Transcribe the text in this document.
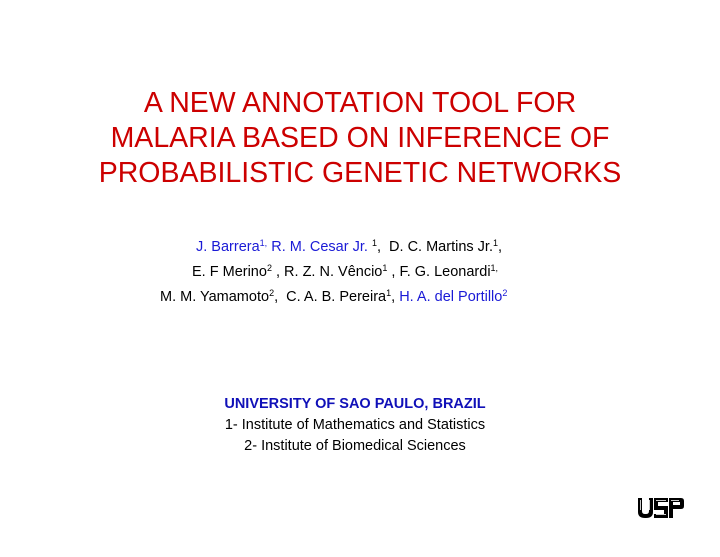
A NEW ANNOTATION TOOL FOR
MALARIA BASED ON INFERENCE OF
PROBABILISTIC GENETIC NETWORKS
J. Barrera$^{1,}$ R. M. Cesar Jr. $^1$, D. C. Martins Jr.$^1$,
E. F Merino$^2$ , R. Z. N. Vêncio$^1$ , F. G. Leonardi$^{1,}$
M. M. Yamamoto$^2$, C. A. B. Pereira$^1$, H. A. del Portillo$^2$
UNIVERSITY OF SAO PAULO, BRAZIL
1- Institute of Mathematics and Statistics
2- Institute of Biomedical Sciences
